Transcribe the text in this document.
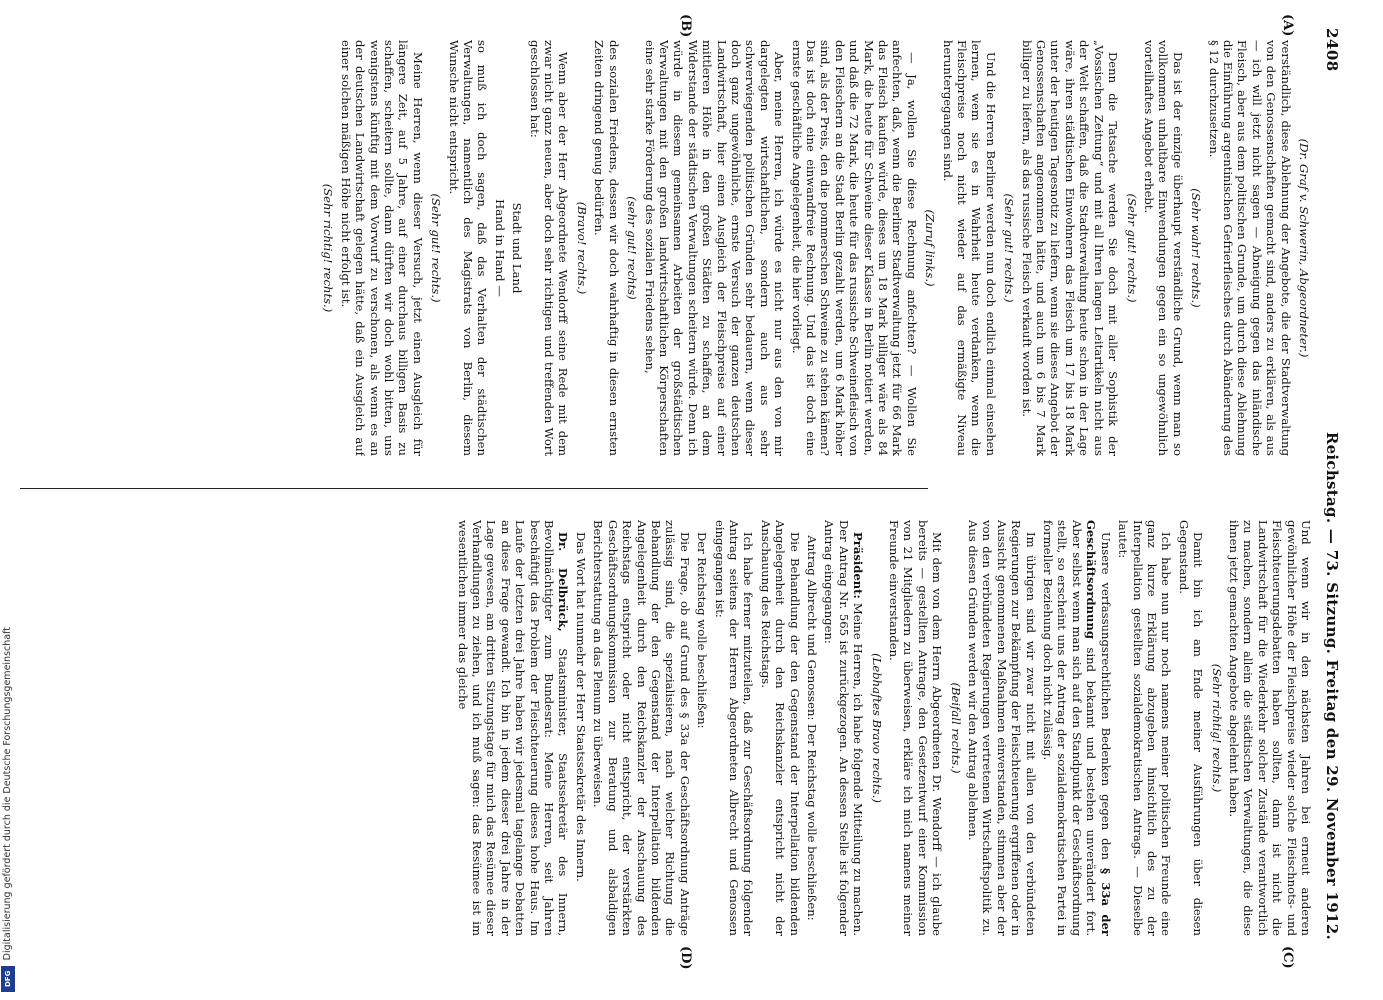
2408
Reichstag. — 73. Sitzung. Freitag den 29. November 1912.
(A)
(B)
(C)
(D)

(Dr. Graf v. Schwerin, Abgeordneter.)

verständlich, diese Ablehnung der Angebote, die der Stadtverwaltung von den Genossenschaften gemacht sind, anders zu erklären, als aus — ich will jetzt nicht sagen — Abneigung gegen das inländische Fleisch, aber aus dem politischen Grunde, um durch diese Ablehnung die Einführung argentinischen Gefrierfleisches durch Abänderung des § 12 durchzusetzen.

(Sehr wahr! rechts.)

Das ist der einzige überhaupt verständliche Grund, wenn man so vollkommen unhaltbare Einwendungen gegen ein so ungewöhnlich vorteilhaftes Angebot erhebt.

(Sehr gut! rechts.)

Denn die Tatsache werden Sie doch mit aller Sophistik der „Vossischen Zeitung“ und mit all Ihren langen Leitartikeln nicht aus der Welt schaffen, daß die Stadtverwaltung heute schon in der Lage wäre, ihren städtischen Einwohnern das Fleisch um 17 bis 18 Mark unter der heutigen Tagesnotiz zu liefern, wenn sie dieses Angebot der Genossenschaften angenommen hätte, und auch um 6 bis 7 Mark billiger zu liefern, als das russische Fleisch verkauft worden ist.

(Sehr gut! rechts.)

Und die Herren Berliner werden nun doch endlich einmal einsehen lernen, wem sie es in Wahrheit heute verdanken, wenn die Fleischpreise noch nicht wieder auf das ermäßigte Niveau heruntergegangen sind.

(Zuruf links.)

— Ja, wollen Sie diese Rechnung anfechten? — Wollen Sie anfechten, daß, wenn die Berliner Stadtverwaltung jetzt für 66 Mark das Fleisch kaufen würde, dieses um 18 Mark billiger wäre als 84 Mark, die heute für Schweine dieser Klasse in Berlin notiert werden, und daß die 72 Mark, die heute für das russische Schweinefleisch von den Fleischern an die Stadt Berlin gezahlt werden, um 6 Mark höher sind, als der Preis, den die pommerschen Schweine zu stehen kämen? Das ist doch eine einwandfreie Rechnung. Und das ist doch eine ernste geschäftliche Angelegenheit, die hier vorliegt.

Aber, meine Herren, ich würde es nicht nur aus den von mir dargelegten wirtschaftlichen, sondern auch aus sehr schwerwiegenden politischen Gründen sehr bedauern, wenn dieser doch ganz ungewöhnliche, ernste Versuch der ganzen deutschen Landwirtschaft, hier einen Ausgleich der Fleischpreise auf einer mittleren Höhe in den großen Städten zu schaffen, an dem Widerstande der städtischen Verwaltungen scheitern würde. Denn ich würde in diesem gemeinsamen Arbeiten der großstädtischen Verwaltungen mit den großen landwirtschaftlichen Körperschaften eine sehr starke Förderung des sozialen Friedens sehen,

(sehr gut! rechts)

des sozialen Friedens, dessen wir doch wahrhaftig in diesen ernsten Zeiten dringend genug bedürfen.

(Bravo! rechts.)

Wenn aber der Herr Abgeordnete Wendorff seine Rede mit dem zwar nicht ganz neuen, aber doch sehr richtigen und treffenden Wort geschlossen hat:

Stadt und Land

Hand in Hand —

so muß ich doch sagen, daß das Verhalten der städtischen Verwaltungen, namentlich des Magistrats von Berlin, diesem Wunsche nicht entspricht.

(Sehr gut! rechts.)

Meine Herren, wenn dieser Versuch, jetzt einen Ausgleich für längere Zeit, auf 5 Jahre, auf einer durchaus billigen Basis zu schaffen, scheitern sollte, dann dürften wir doch wohl bitten, uns wenigstens künftig mit dem Vorwurf zu verschonen, als wenn es an der deutschen Landwirtschaft gelegen hätte, daß ein Ausgleich auf einer solchen mäßigen Höhe nicht erfolgt ist.

(Sehr richtig! rechts.)

Und wenn wir in den nächsten Jahren bei erneut anderen gewöhnlicher Höhe der Fleischpreise wieder solche Fleischnots- und Fleischteuerungsdebatten haben sollten, dann ist nicht die Landwirtschaft für die Wiederkehr solcher Zustände verantwortlich zu machen, sondern allein die städtischen Verwaltungen, die diese ihnen jetzt gemachten Angebote abgelehnt haben.

(Sehr richtig! rechts.)

Damit bin ich am Ende meiner Ausführungen über diesen Gegenstand.

Ich habe nun nur noch namens meiner politischen Freunde eine ganz kurze Erklärung abzugeben hinsichtlich des zu der Interpellation gestellten sozialdemokratischen Antrags. — Dieselbe lautet:

Unsere verfassungsrechtlichen Bedenken gegen den § 33a der Geschäftsordnung sind bekannt und bestehen unverändert fort. Aber selbst wenn man sich auf den Standpunkt der Geschäftsordnung stellt, so erscheint uns der Antrag der sozialdemokratischen Partei in formeller Beziehung doch nicht zulässig.

Im übrigen sind wir zwar nicht mit allen von den verbündeten Regierungen zur Bekämpfung der Fleischteuerung ergriffenen oder in Aussicht genommenen Maßnahmen einverstanden, stimmen aber der von den verbündeten Regierungen vertretenen Wirtschaftspolitik zu. Aus diesen Gründen werden wir den Antrag ablehnen.

(Beifall rechts.)

Mit dem von dem Herrn Abgeordneten Dr. Wendorff — ich glaube bereits — gestellten Antrage, den Gesetzentwurf einer Kommission von 21 Mitgliedern zu überweisen, erkläre ich mich namens meiner Freunde einverstanden.

(Lebhaftes Bravo rechts.)

Präsident: Meine Herren, ich habe folgende Mitteilung zu machen. Der Antrag Nr. 565 ist zurückgezogen. An dessen Stelle ist folgender Antrag eingegangen:

Antrag Albrecht und Genossen: Der Reichstag wolle beschließen:

Die Behandlung der den Gegenstand der Interpellation bildenden Angelegenheit durch den Reichskanzler entspricht nicht der Anschauung des Reichstags.

Ich habe ferner mitzuteilen, daß zur Geschäftsordnung folgender Antrag seitens der Herren Abgeordneten Albrecht und Genossen eingegangen ist:

Der Reichstag wolle beschließen:

Die Frage, ob auf Grund des § 33a der Geschäftsordnung Anträge zulässig sind, die spezialisieren, nach welcher Richtung die Behandlung der den Gegenstand der Interpellation bildenden Angelegenheit durch den Reichskanzler der Anschauung des Reichstags entspricht oder nicht entspricht, der verstärkten Geschäftsordnungskommission zur Beratung und alsbaldigen Berichterstattung an das Plenum zu überweisen.

Das Wort hat nunmehr der Herr Staatssekretär des Innern.

Dr. Delbrück, Staatsminister, Staatssekretär des Innern, Bevollmächtigter zum Bundesrat: Meine Herren, seit Jahren beschäftigt das Problem der Fleischteuerung dieses hohe Haus. Im Laufe der letzten drei Jahre haben wir jedesmal tagelange Debatten an diese Frage gewandt. Ich bin in jedem dieser drei Jahre in der Lage gewesen, am dritten Sitzungstage für mich das Resümee dieser Verhandlungen zu ziehen, und ich muß sagen: das Resümee ist im wesentlichen immer das gleiche

Digitalisierung gefördert durch die Deutsche Forschungsgemeinschaft
DFG
